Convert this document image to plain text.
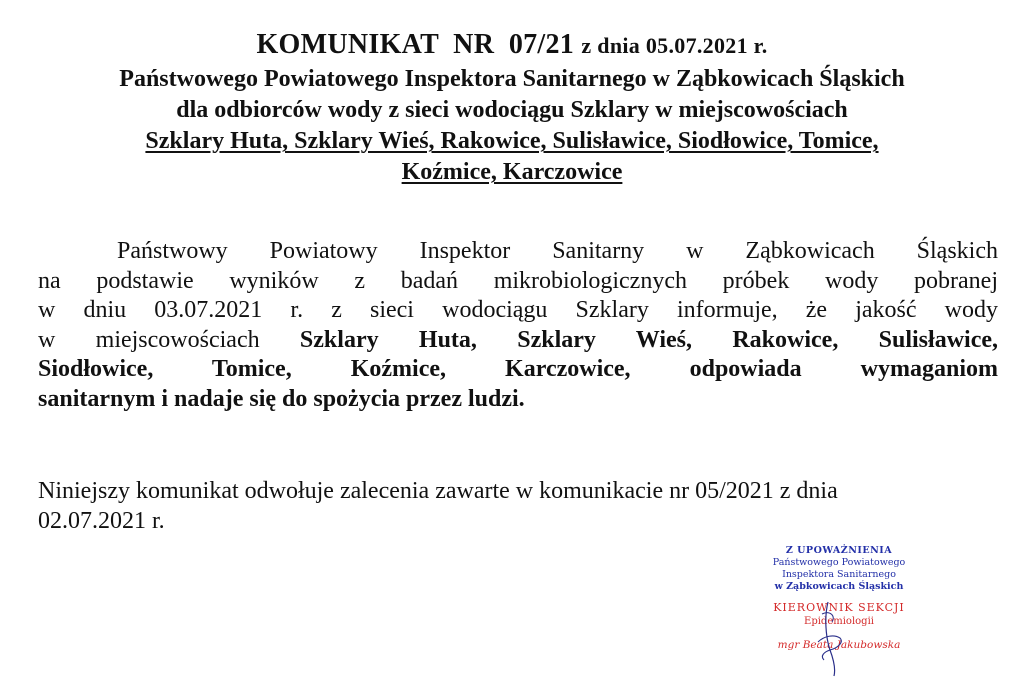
KOMUNIKAT  NR  07/21 z dnia 05.07.2021 r.
Państwowego Powiatowego Inspektora Sanitarnego w Ząbkowicach Śląskich
dla odbiorców wody z sieci wodociągu Szklary w miejscowościach
Szklary Huta, Szklary Wieś, Rakowice, Sulisławice, Siodłowice, Tomice,
Koźmice, Karczowice
Państwowy Powiatowy Inspektor Sanitarny w Ząbkowicach Śląskich
na podstawie wyników z badań mikrobiologicznych próbek wody pobranej
w dniu 03.07.2021 r. z sieci wodociągu Szklary informuje, że jakość wody
w miejscowościach Szklary Huta, Szklary Wieś, Rakowice, Sulisławice,
Siodłowice, Tomice, Koźmice, Karczowice, odpowiada wymaganiom
sanitarnym i nadaje się do spożycia przez ludzi.
Niniejszy komunikat odwołuje zalecenia zawarte w komunikacie nr 05/2021 z dnia
02.07.2021 r.
Z UPOWAŻNIENIA
Państwowego Powiatowego
Inspektora Sanitarnego
w Ząbkowicach Śląskich
KIEROWNIK SEKCJI
Epidemiologii
mgr Beata Jakubowska
